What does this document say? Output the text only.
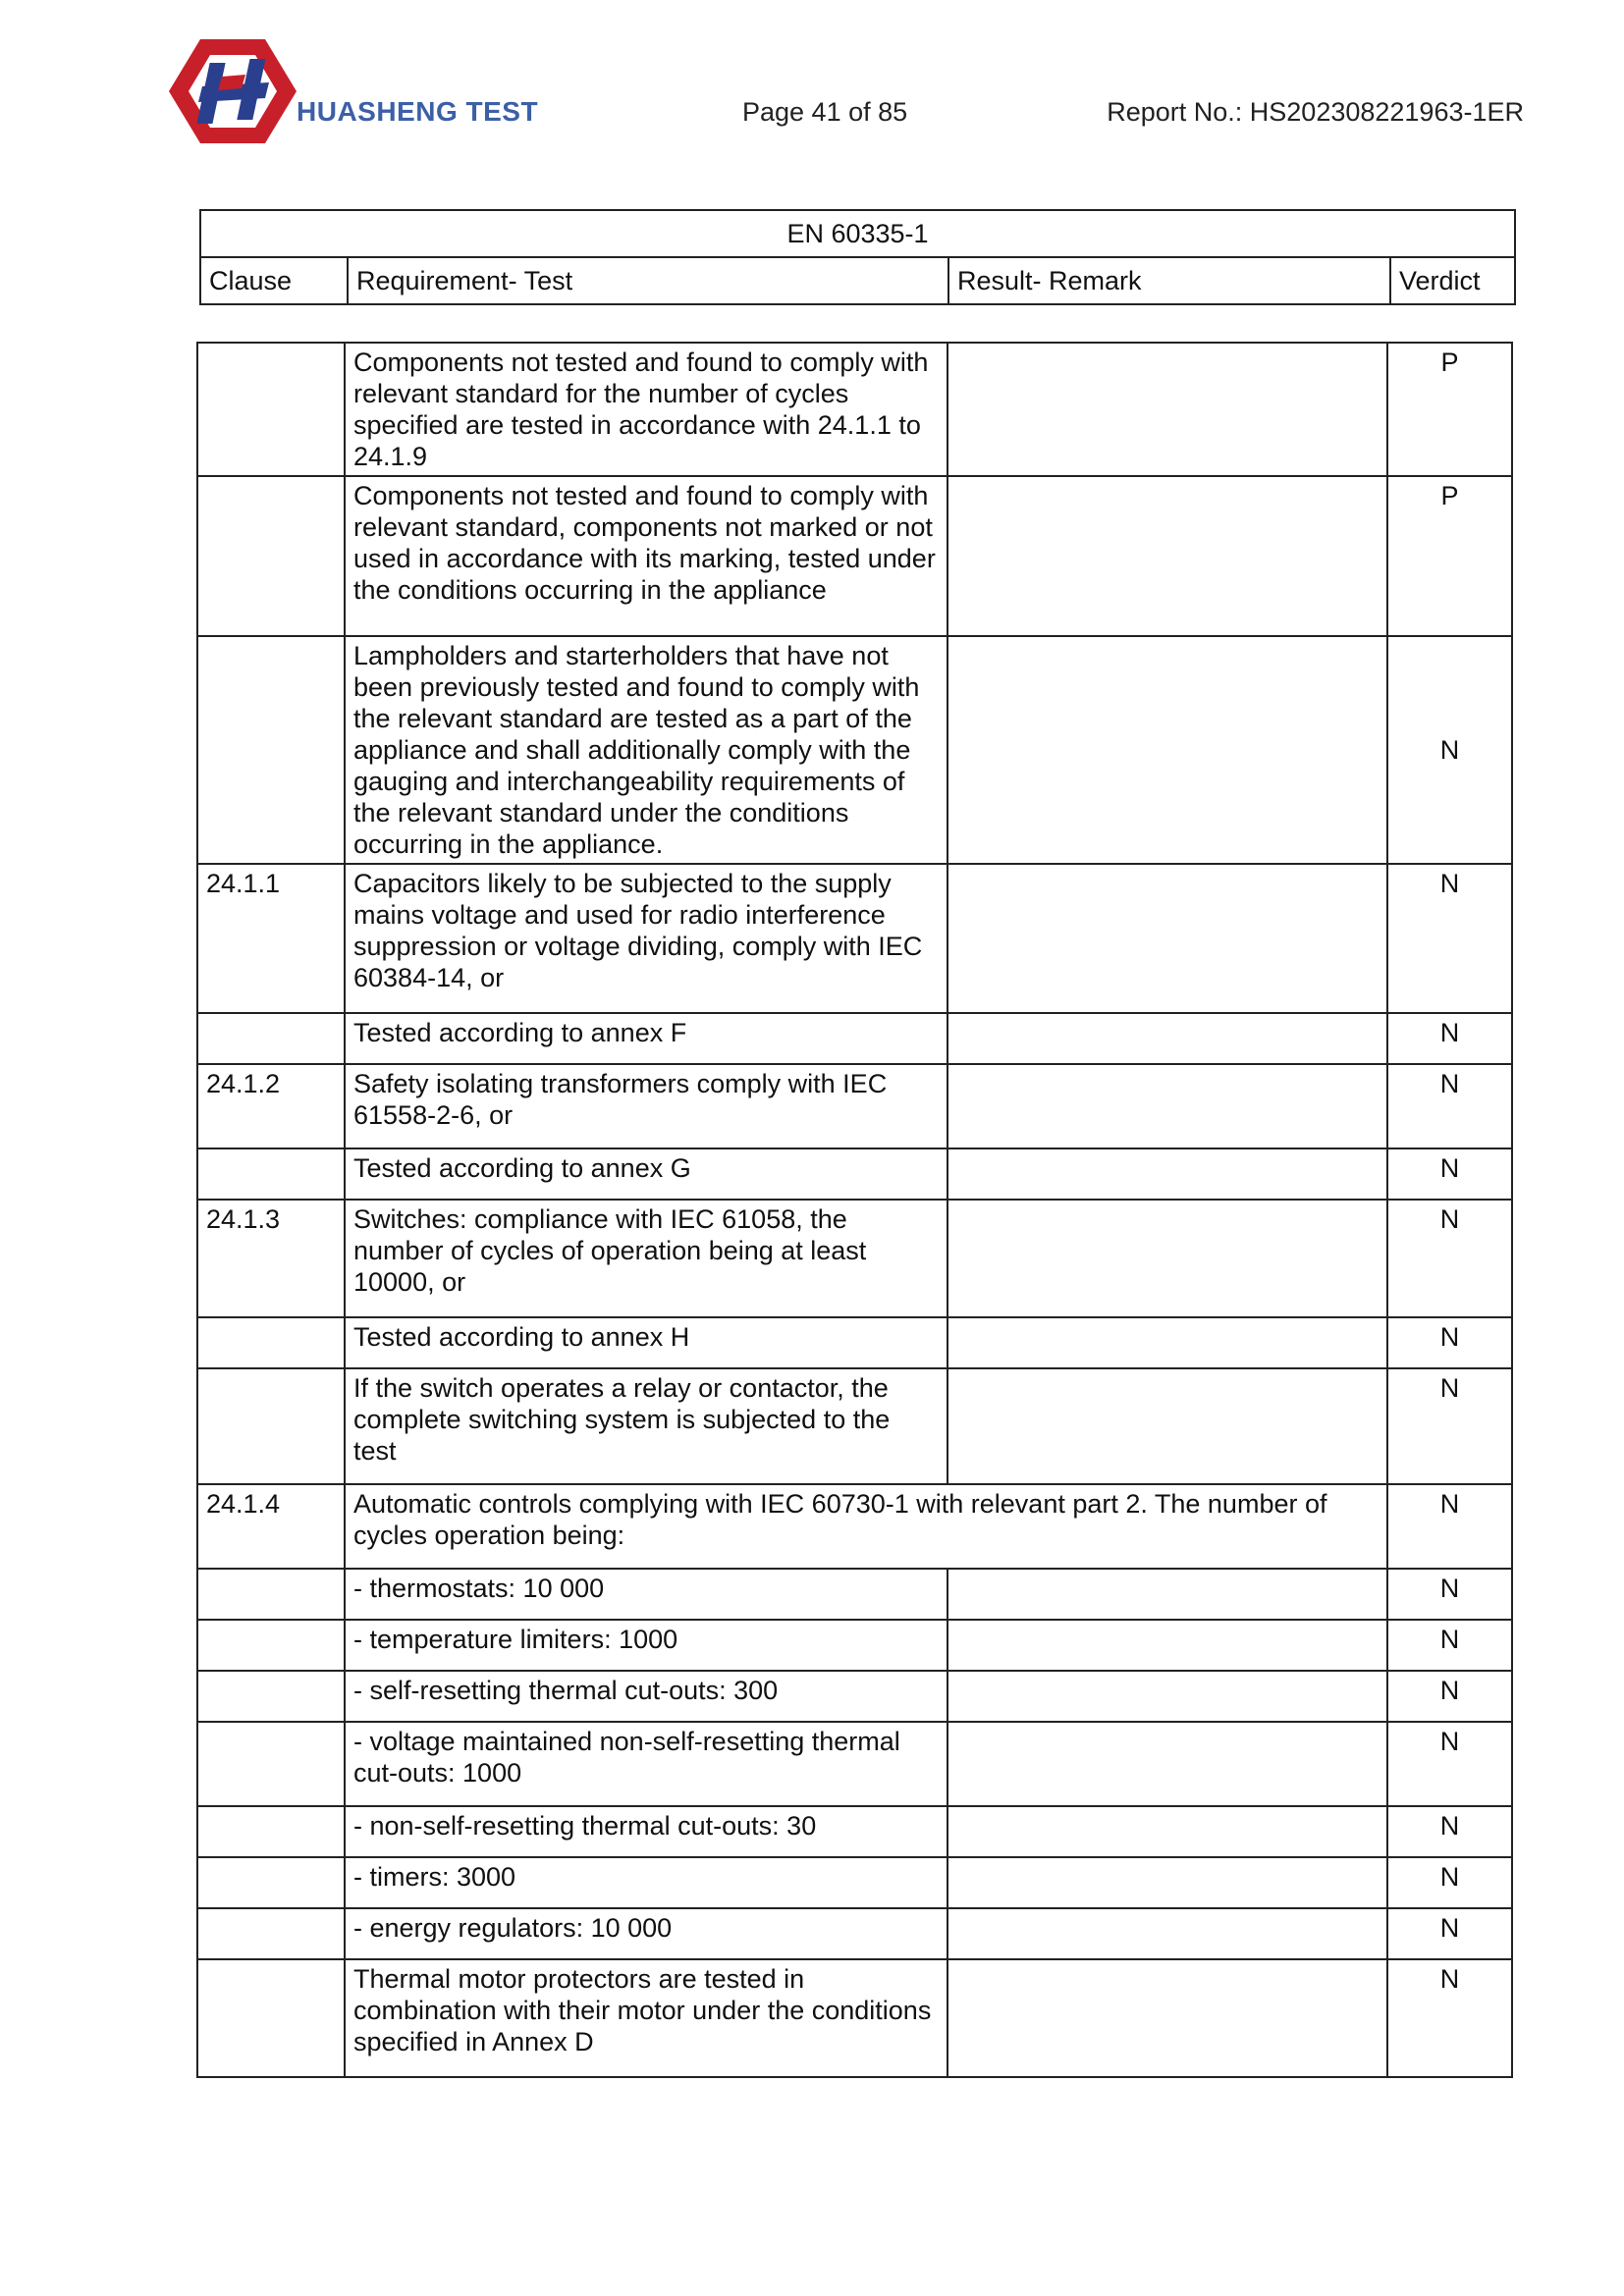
HUASHENG TEST	Page 41 of 85	Report No.: HS202308221963-1ER
EN 60335-1
Clause	Requirement- Test	Result- Remark	Verdict
	Components not tested and found to comply with relevant standard for the number of cycles specified are tested in accordance with 24.1.1 to 24.1.9		P
	Components not tested and found to comply with relevant standard, components not marked or not used in accordance with its marking, tested under the conditions occurring in the appliance		P
	Lampholders and starterholders that have not been previously tested and found to comply with the relevant standard are tested as a part of the appliance and shall additionally comply with the gauging and interchangeability requirements of the relevant standard under the conditions occurring in the appliance.		N
24.1.1	Capacitors likely to be subjected to the supply mains voltage and used for radio interference suppression or voltage dividing, comply with IEC 60384-14, or		N
	Tested according to annex F		N
24.1.2	Safety isolating transformers comply with IEC 61558-2-6, or		N
	Tested according to annex G		N
24.1.3	Switches: compliance with IEC 61058, the number of cycles of operation being at least 10000, or		N
	Tested according to annex H		N
	If the switch operates a relay or contactor, the complete switching system is subjected to the test		N
24.1.4	Automatic controls complying with IEC 60730-1 with relevant part 2. The number of cycles operation being:		N
	- thermostats: 10 000		N
	- temperature limiters: 1000		N
	- self-resetting thermal cut-outs: 300		N
	- voltage maintained non-self-resetting thermal cut-outs: 1000		N
	- non-self-resetting thermal cut-outs: 30		N
	- timers: 3000		N
	- energy regulators: 10 000		N
	Thermal motor protectors are tested in combination with their motor under the conditions specified in Annex D		N
